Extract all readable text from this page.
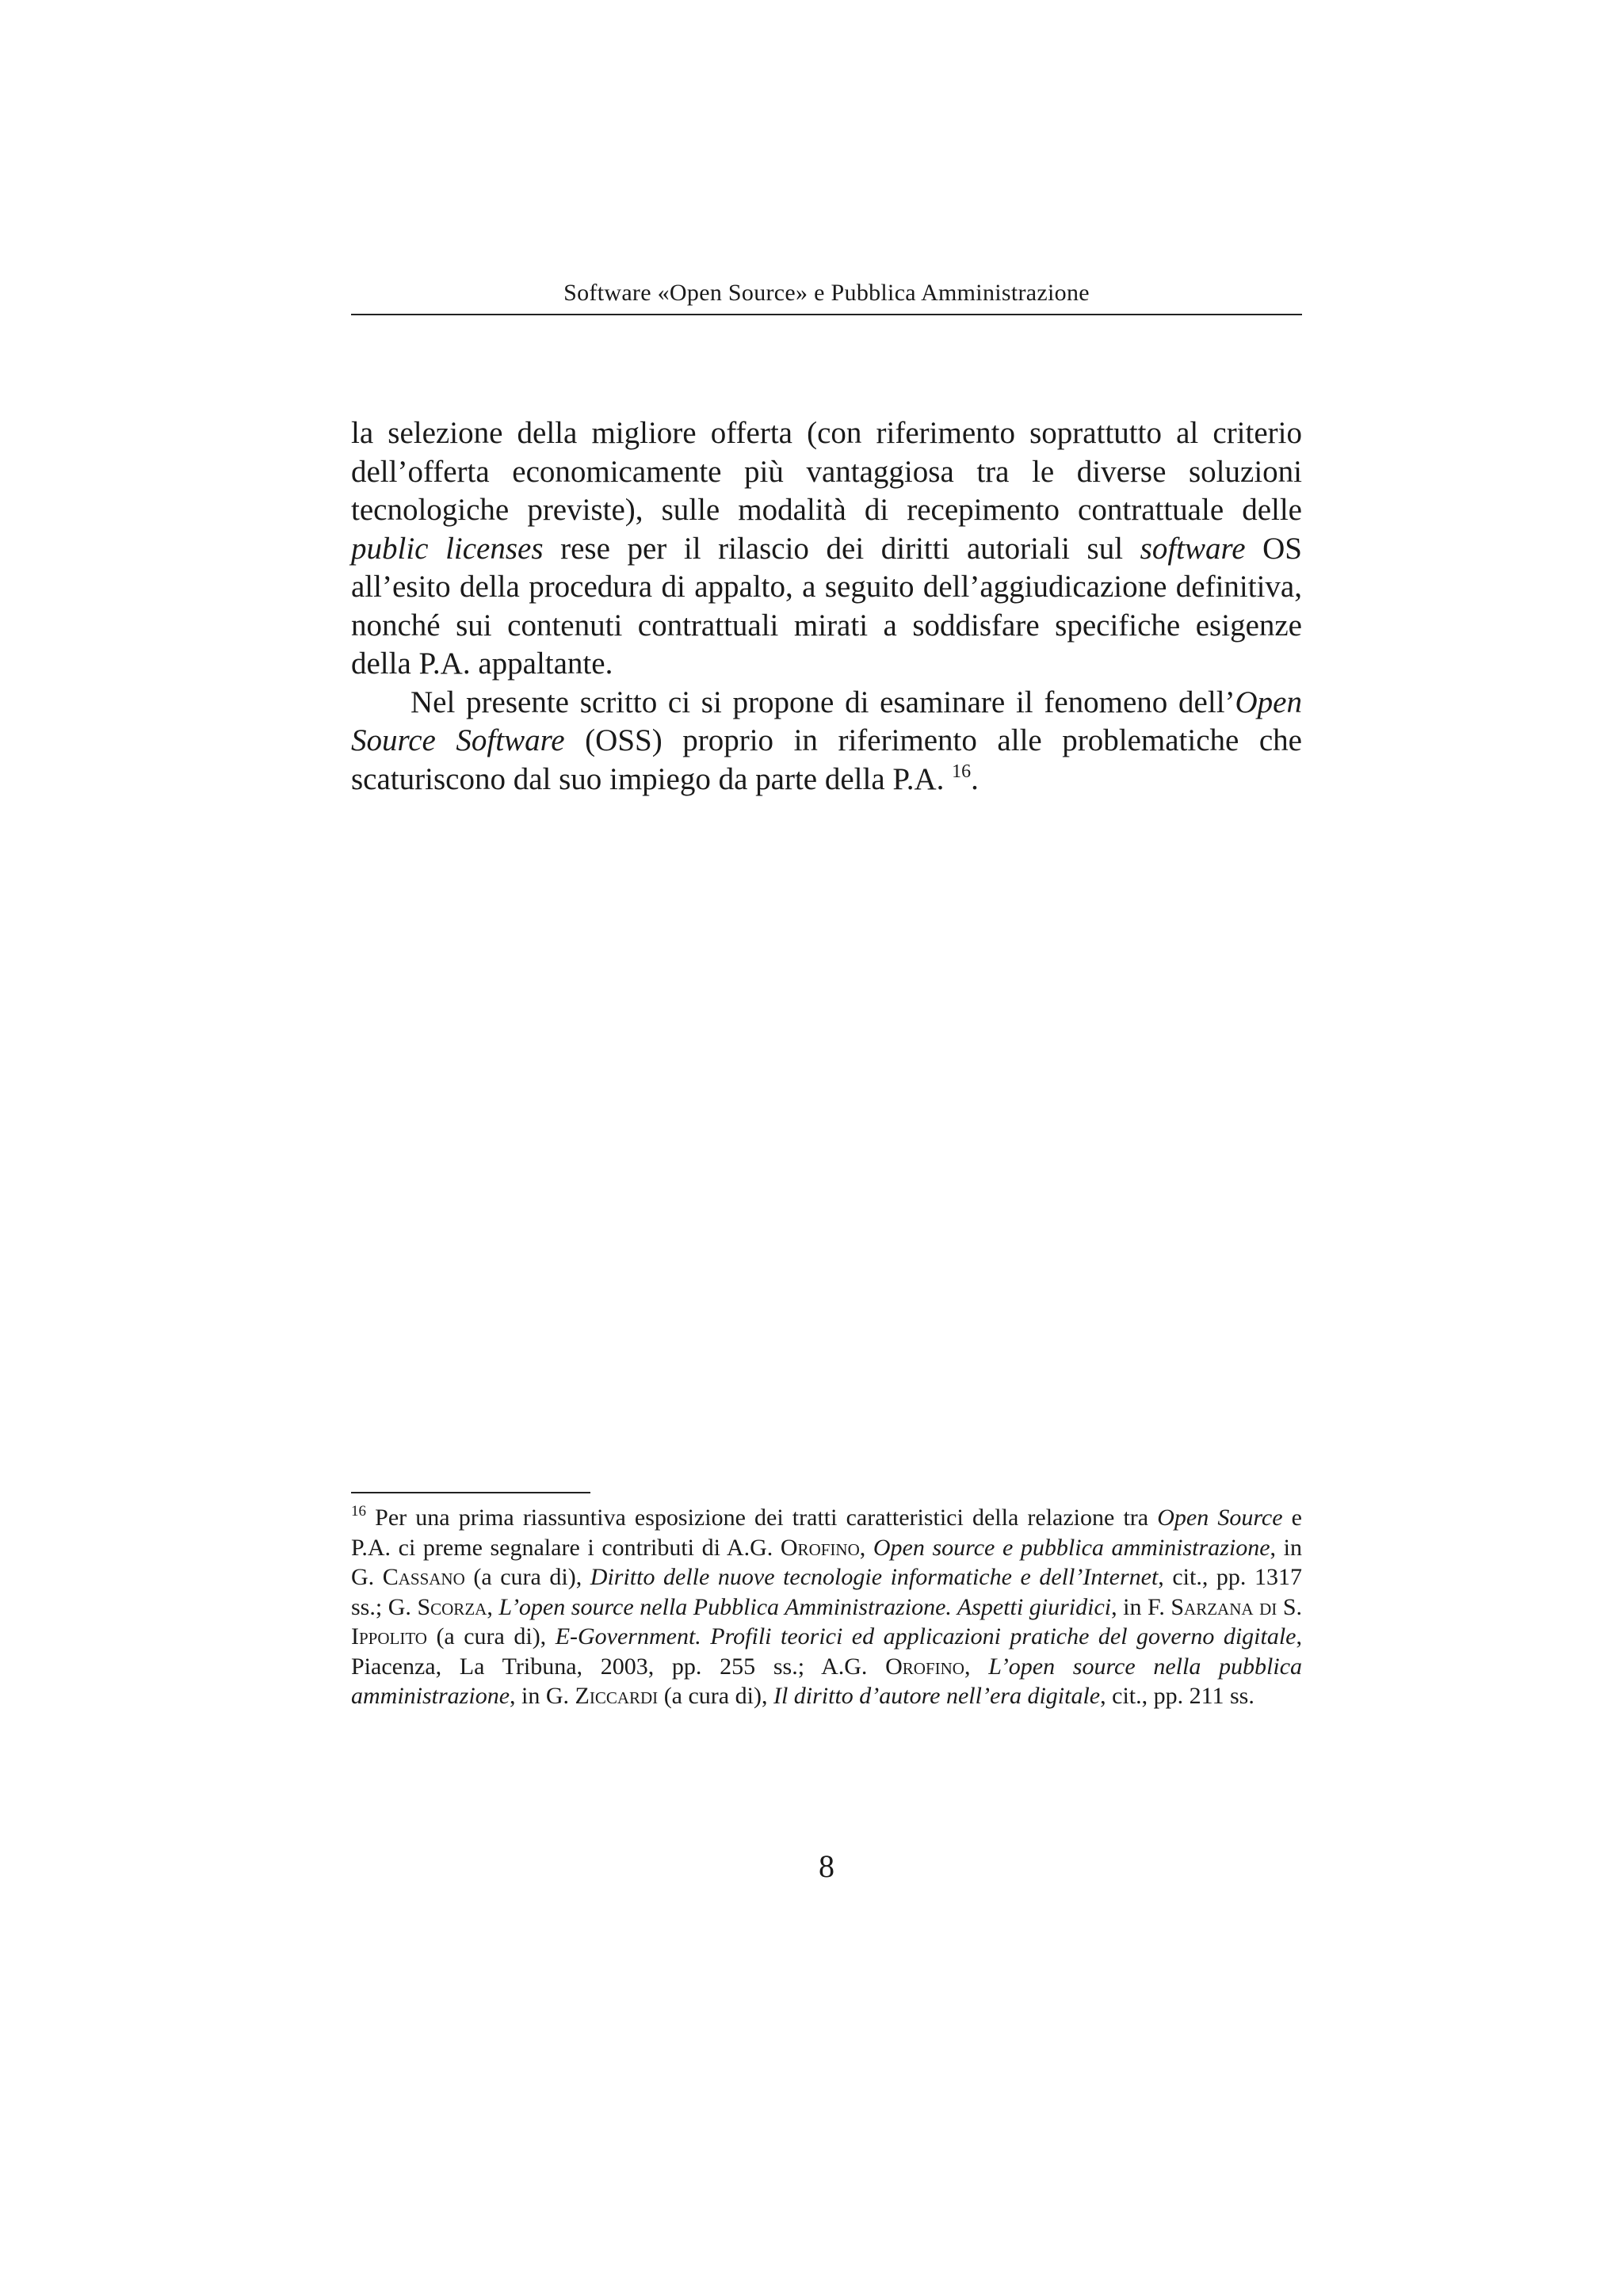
Software «Open Source» e Pubblica Amministrazione

la selezione della migliore offerta (con riferimento soprattutto al criterio dell’offerta economicamente più vantaggiosa tra le diverse soluzioni tecnologiche previste), sulle modalità di recepimento contrattuale delle public licenses rese per il rilascio dei diritti autoriali sul software OS all’esito della procedura di appalto, a seguito dell’aggiudicazione definitiva, nonché sui contenuti contrattuali mirati a soddisfare specifiche esigenze della P.A. appaltante.

Nel presente scritto ci si propone di esaminare il fenomeno dell’Open Source Software (OSS) proprio in riferimento alle problematiche che scaturiscono dal suo impiego da parte della P.A. $^{16}$.

$^{16}$ Per una prima riassuntiva esposizione dei tratti caratteristici della relazione tra Open Source e P.A. ci preme segnalare i contributi di A.G. Orofino, Open source e pubblica amministrazione, in G. Cassano (a cura di), Diritto delle nuove tecnologie informatiche e dell’Internet, cit., pp. 1317 ss.; G. Scorza, L’open source nella Pubblica Amministrazione. Aspetti giuridici, in F. Sarzana di S. Ippolito (a cura di), E-Government. Profili teorici ed applicazioni pratiche del governo digitale, Piacenza, La Tribuna, 2003, pp. 255 ss.; A.G. Orofino, L’open source nella pubblica amministrazione, in G. Ziccardi (a cura di), Il diritto d’autore nell’era digitale, cit., pp. 211 ss.

8
